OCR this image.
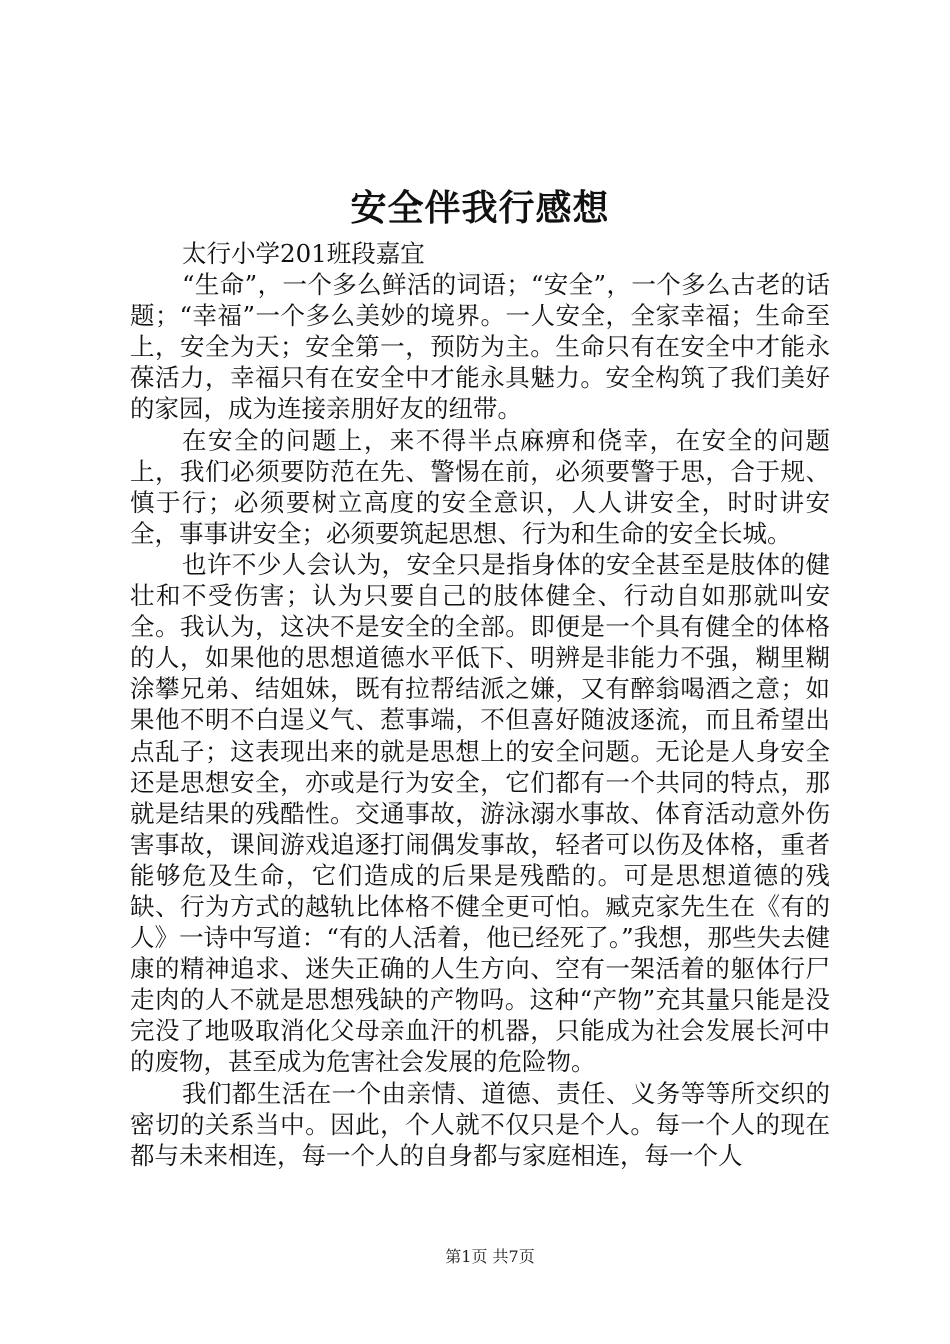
安全伴我行感想

太行小学201班段嘉宜

“生命”，一个多么鲜活的词语；“安全”，一个多么古老的话题；“幸福”一个多么美妙的境界。一人安全，全家幸福；生命至上，安全为天；安全第一，预防为主。生命只有在安全中才能永葆活力，幸福只有在安全中才能永具魅力。安全构筑了我们美好的家园，成为连接亲朋好友的纽带。

在安全的问题上，来不得半点麻痹和侥幸，在安全的问题上，我们必须要防范在先、警惕在前，必须要警于思，合于规、慎于行；必须要树立高度的安全意识，人人讲安全，时时讲安全，事事讲安全；必须要筑起思想、行为和生命的安全长城。

也许不少人会认为，安全只是指身体的安全甚至是肢体的健壮和不受伤害；认为只要自己的肢体健全、行动自如那就叫安全。我认为，这决不是安全的全部。即便是一个具有健全的体格的人，如果他的思想道德水平低下、明辨是非能力不强，糊里糊涂攀兄弟、结姐妹，既有拉帮结派之嫌，又有醉翁喝酒之意；如果他不明不白逞义气、惹事端，不但喜好随波逐流，而且希望出点乱子；这表现出来的就是思想上的安全问题。无论是人身安全还是思想安全，亦或是行为安全，它们都有一个共同的特点，那就是结果的残酷性。交通事故，游泳溺水事故、体育活动意外伤害事故，课间游戏追逐打闹偶发事故，轻者可以伤及体格，重者能够危及生命，它们造成的后果是残酷的。可是思想道德的残缺、行为方式的越轨比体格不健全更可怕。臧克家先生在《有的人》一诗中写道：“有的人活着，他已经死了。”我想，那些失去健康的精神追求、迷失正确的人生方向、空有一架活着的躯体行尸走肉的人不就是思想残缺的产物吗。这种“产物”充其量只能是没完没了地吸取消化父母亲血汗的机器，只能成为社会发展长河中的废物，甚至成为危害社会发展的危险物。

我们都生活在一个由亲情、道德、责任、义务等等所交织的密切的关系当中。因此，个人就不仅只是个人。每一个人的现在都与未来相连，每一个人的自身都与家庭相连，每一个人

第1页 共7页
